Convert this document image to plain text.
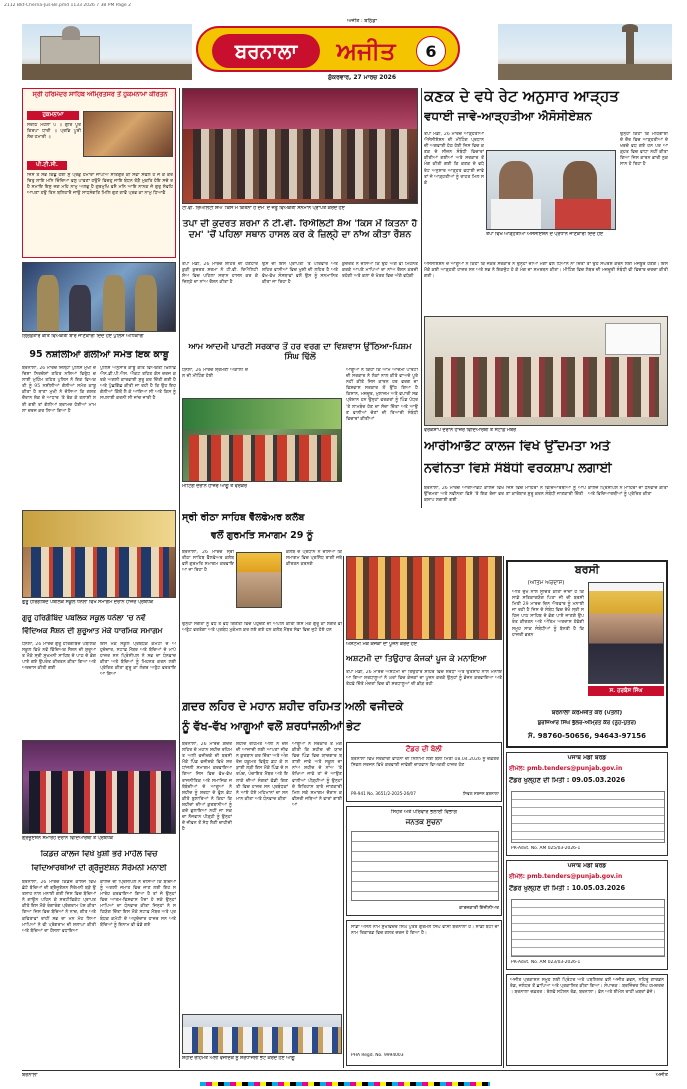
2112 Bkt-Cherna-Jus-Bil.pmd 1133 2026 7 38 PM Page 2
ਬਰਨਾਲਾ	ਅਜੀਤ	6
ਅਜੀਤ : ਬਠਿੰਡਾ
ਸ਼ੁੱਕਰਵਾਰ, 27 ਮਾਰਚ 2026
ਸ੍ਰੀ ਹਰਿਮੰਦਰ ਸਾਹਿਬ ਅੰਮ੍ਰਿਤਸਰ ਤੋਂ ਹੁਕਮਨਾਮਾ ਕੀਰਤਨ
ਹੁਕਮਨਾਮਾ
ਸੋਰਠਿ ਮਹਲਾ ੫ ॥ ਗੁਰਿ ਪੂਰੈ ਕਿਰਪਾ ਧਾਰੀ ॥ ਪ੍ਰਭਿ ਪੂਰੀ ਲੋਚ ਹਮਾਰੀ ॥
ਪੀ.ਟੀ.ਸੀ.
ਜਿਸ ਤੇ ਸਭ ਕਿਛੁ ਹੋਈ ਸੁ ਪ੍ਰਭੁ ਹਮਾਰਾ ਜਾਪੀਐ ਸਤਿਗੁਰ ਕੀ ਸੇਵਾ ਸਫਲ ਹੈ ਜੇ ਕੋ ਕਰੇ ਚਿਤੁ ਲਾਇ ਮਨਿ ਚਿੰਦਿਆ ਫਲੁ ਪਾਵਣਾ ਹਉਮੈ ਵਿਚਹੁ ਜਾਇ ਬੰਧਨ ਤੋੜੈ ਮੁਕਤਿ ਹੋਇ ਸਚੇ ਰਹੈ ਸਮਾਇ ਇਸੁ ਜਗ ਮਹਿ ਨਾਮੁ ਅਲਭੁ ਹੈ ਗੁਰਮੁਖਿ ਵਸੈ ਮਨਿ ਆਇ ਨਾਨਕ ਜੋ ਗੁਰੁ ਸੇਵਹਿ ਆਪਣਾ ਹਉ ਤਿਨ ਬਲਿਹਾਰੈ ਜਾਉ ਸਾਧਸੰਗਤਿ ਮਿਲਿ ਗੁਣ ਗਾਵੈ ਪ੍ਰਭ ਕਾ ਨਾਮੁ ਧਿਆਵੈ
ਟੀ.ਵੀ. ਰਿਐਲਿਟੀ ਸ਼ੋਅ 'ਕਿਸ ਮੇਂ ਕਿਤਨਾ ਹੈ ਦਮ' ਦੇ ਜੇਤੂ ਵਿਅਕਤੀ ਸਨਮਾਨ ਪ੍ਰਾਪਤ ਕਰਦੇ ਹੋਏ
ਤਪਾ ਦੀ ਕੁਦਰਤ ਸ਼ਰਮਾ ਨੇ ਟੀ.ਵੀ. ਰਿਐਲਿਟੀ ਸ਼ੋਅ 'ਕਿਸ ਮੇਂ ਕਿਤਨਾ ਹੈ ਦਮ' 'ਚੋਂ ਪਹਿਲਾ ਸਥਾਨ ਹਾਸਲ ਕਰ ਕੇ ਜ਼ਿਲ੍ਹੇ ਦਾ ਨਾਂਅ ਕੀਤਾ ਰੌਸ਼ਨ
ਕਣਕ ਦੇ ਵਧੇ ਰੇਟ ਅਨੁਸਾਰ ਆੜ੍ਹਤ
ਵਧਾਈ ਜਾਵੇ-ਆੜ੍ਹਤੀਆ ਐਸੋਸੀਏਸ਼ਨ
ਤਪਾ ਮੰਡੀ, 26 ਮਾਰਚ ਆੜ੍ਹਤੀਆ ਐਸੋਸੀਏਸ਼ਨ ਦੀ ਮੀਟਿੰਗ ਪ੍ਰਧਾਨ ਦੀ ਅਗਵਾਈ ਹੇਠ ਹੋਈ ਜਿਸ ਵਿਚ ਕਣਕ ਦੇ ਸੀਜ਼ਨ ਸੰਬੰਧੀ ਵਿਚਾਰਾਂ ਕੀਤੀਆਂ ਗਈਆਂ ਅਤੇ ਸਰਕਾਰ ਤੋਂ ਮੰਗ ਕੀਤੀ ਗਈ ਕਿ ਕਣਕ ਦੇ ਵਧੇ ਰੇਟ ਅਨੁਸਾਰ ਆੜ੍ਹਤ ਵਧਾਈ ਜਾਵੇ ਤਾਂ ਜੋ ਆੜ੍ਹਤੀਆਂ ਨੂੰ ਰਾਹਤ ਮਿਲ ਸਕੇ
ਤਪਾ ਵਿਖੇ ਆੜ੍ਹਤੀਆ ਐਸੋਸੀਏਸ਼ਨ ਦੇ ਪ੍ਰਧਾਨ ਜਾਣਕਾਰੀ ਦਿੰਦੇ ਹੋਏ
ਉਨ੍ਹਾਂ ਕਿਹਾ ਕਿ ਮਹਿੰਗਾਈ ਦੇ ਦੌਰ ਵਿਚ ਆੜ੍ਹਤੀਆਂ ਦੇ ਖਰਚੇ ਵਧ ਗਏ ਹਨ ਪਰ ਆੜ੍ਹਤ ਵਿਚ ਵਾਧਾ ਨਹੀਂ ਕੀਤਾ ਗਿਆ ਜਿਸ ਕਾਰਨ ਭਾਰੀ ਨੁਕਸਾਨ ਹੋ ਰਿਹਾ ਹੈ
ਗ੍ਰਿਫ਼ਤਾਰ ਕੀਤੇ ਵਿਅਕਤੀ ਬਾਰੇ ਜਾਣਕਾਰੀ ਦਿੰਦੇ ਹੋਏ ਪੁਲਿਸ ਅਧਿਕਾਰੀ
95 ਨਸ਼ੀਲੀਆਂ ਗੋਲੀਆਂ ਸਮੇਤ ਇਕ ਕਾਬੂ
ਬਰਨਾਲਾ, 26 ਮਾਰਚ ਜ਼ਿਲ੍ਹਾ ਪੁਲਿਸ ਮੁਖੀ ਦੇ ਦਿਸ਼ਾ ਨਿਰਦੇਸ਼ਾਂ ਤਹਿਤ ਨਸ਼ਿਆਂ ਵਿਰੁੱਧ ਚਲਾਈ ਮੁਹਿੰਮ ਤਹਿਤ ਪੁਲਿਸ ਨੇ ਇਕ ਵਿਅਕਤੀ ਨੂੰ 95 ਨਸ਼ੀਲੀਆਂ ਗੋਲੀਆਂ ਸਮੇਤ ਕਾਬੂ ਕੀਤਾ ਹੈ ਥਾਣਾ ਮੁਖੀ ਨੇ ਦੱਸਿਆ ਕਿ ਗਸ਼ਤ ਦੌਰਾਨ ਸ਼ੱਕ ਦੇ ਆਧਾਰ 'ਤੇ ਰੋਕ ਕੇ ਤਲਾਸ਼ੀ ਲਈ ਗਈ ਤਾਂ ਗੋਲੀਆਂ ਬਰਾਮਦ ਹੋਈਆਂ ਮਾਮਲਾ ਦਰਜ ਕਰ ਲਿਆ ਗਿਆ ਹੈ
ਪੁਲਿਸ ਅਨੁਸਾਰ ਕਾਬੂ ਕੀਤੇ ਵਿਅਕਤੀ ਖ਼ਿਲਾਫ਼ ਐਨ.ਡੀ.ਪੀ.ਐਸ. ਐਕਟ ਤਹਿਤ ਕੇਸ ਦਰਜ ਕਰਕੇ ਅਗਲੀ ਕਾਰਵਾਈ ਸ਼ੁਰੂ ਕਰ ਦਿੱਤੀ ਗਈ ਹੈ ਅਤੇ ਪੁੱਛਗਿੱਛ ਕੀਤੀ ਜਾ ਰਹੀ ਹੈ ਕਿ ਉਹ ਇਹ ਗੋਲੀਆਂ ਕਿੱਥੋਂ ਲੈ ਕੇ ਆਇਆ ਸੀ ਅਤੇ ਕਿਸ ਨੂੰ ਸਪਲਾਈ ਕਰਨੀ ਸੀ ਜਾਂਚ ਜਾਰੀ ਹੈ
ਤਪਾ ਮੰਡੀ, 26 ਮਾਰਚ ਸ਼ਹਿਰ ਦੀ ਹੋਣਹਾਰ ਕੁੜੀ ਕੁਦਰਤ ਸ਼ਰਮਾ ਨੇ ਟੀ.ਵੀ. ਰਿਐਲਿਟੀ ਸ਼ੋਅ ਵਿਚ ਪਹਿਲਾ ਸਥਾਨ ਹਾਸਲ ਕਰ ਕੇ ਜ਼ਿਲ੍ਹੇ ਦਾ ਨਾਂਅ ਰੌਸ਼ਨ ਕੀਤਾ ਹੈ
ਉਸ ਦੀ ਇਸ ਪ੍ਰਾਪਤੀ 'ਤੇ ਪਰਿਵਾਰ ਅਤੇ ਸ਼ਹਿਰ ਵਾਸੀਆਂ ਵਿਚ ਖੁਸ਼ੀ ਦੀ ਲਹਿਰ ਹੈ ਅਤੇ ਵੱਖ-ਵੱਖ ਸੰਸਥਾਵਾਂ ਵਲੋਂ ਉਸ ਨੂੰ ਸਨਮਾਨਿਤ ਕੀਤਾ ਜਾ ਰਿਹਾ ਹੈ
ਕੁਦਰਤ ਨੇ ਦੱਸਿਆ ਕਿ ਉਹ ਅੱਗੇ ਵੀ ਮਿਹਨਤ ਕਰਕੇ ਆਪਣੇ ਮਾਪਿਆਂ ਦਾ ਨਾਂਅ ਰੌਸ਼ਨ ਕਰਦੀ ਰਹੇਗੀ ਅਤੇ ਕਲਾ ਦੇ ਖੇਤਰ ਵਿਚ ਅੱਗੇ ਵਧੇਗੀ
ਐਸੋਸੀਏਸ਼ਨ ਦੇ ਆਗੂਆਂ ਨੇ ਕਿਹਾ ਕਿ ਜੇਕਰ ਸਰਕਾਰ ਨੇ ਉਨ੍ਹਾਂ ਦੀਆਂ ਮੰਗਾਂ ਵੱਲ ਧਿਆਨ ਨਾ ਦਿੱਤਾ ਤਾਂ ਉਹ ਸੰਘਰਸ਼ ਕਰਨ ਲਈ ਮਜਬੂਰ ਹੋਣਗੇ। ਇਸ ਮੌਕੇ ਕਈ ਆੜ੍ਹਤੀ ਹਾਜ਼ਰ ਸਨ ਅਤੇ ਸਭ ਨੇ ਇਕਜੁੱਟ ਹੋ ਕੇ ਮੰਗ ਦਾ ਸਮਰਥਨ ਕੀਤਾ। ਮੀਟਿੰਗ ਵਿਚ ਲੇਬਰ ਦੀ ਮਜ਼ਦੂਰੀ ਸੰਬੰਧੀ ਵੀ ਵਿਚਾਰ ਚਰਚਾ ਕੀਤੀ ਗਈ।
ਆਮ ਆਦਮੀ ਪਾਰਟੀ ਸਰਕਾਰ ਤੋਂ ਹਰ ਵਰਗ ਦਾ ਵਿਸ਼ਵਾਸ ਉੱਠਿਆ-ਪਿਸ਼ਮ ਸਿੰਘ ਢਿੱਲੋਂ
ਧਨੌਲਾ, 26 ਮਾਰਚ ਸ਼੍ਰੋਮਣੀ ਅਕਾਲੀ ਦਲ ਦੀ ਮੀਟਿੰਗ ਹੋਈ
ਮੀਟਿੰਗ ਦੌਰਾਨ ਹਾਜ਼ਰ ਆਗੂ ਤੇ ਵਰਕਰ
ਆਗੂਆਂ ਨੇ ਕਿਹਾ ਕਿ ਆਮ ਆਦਮੀ ਪਾਰਟੀ ਦੀ ਸਰਕਾਰ ਨੇ ਲੋਕਾਂ ਨਾਲ ਕੀਤੇ ਵਾਅਦੇ ਪੂਰੇ ਨਹੀਂ ਕੀਤੇ ਜਿਸ ਕਾਰਨ ਹਰ ਵਰਗ ਦਾ ਵਿਸ਼ਵਾਸ ਸਰਕਾਰ ਤੋਂ ਉੱਠ ਗਿਆ ਹੈ ਕਿਸਾਨ, ਮਜ਼ਦੂਰ, ਮੁਲਾਜ਼ਮ ਅਤੇ ਵਪਾਰੀ ਸਭ ਪ੍ਰੇਸ਼ਾਨ ਹਨ ਉਨ੍ਹਾਂ ਵਰਕਰਾਂ ਨੂੰ ਪਿੰਡ ਪੱਧਰ 'ਤੇ ਲਾਮਬੰਦ ਹੋਣ ਦਾ ਸੱਦਾ ਦਿੱਤਾ ਅਤੇ ਆਉਣ ਵਾਲੀਆਂ ਚੋਣਾਂ ਦੀ ਤਿਆਰੀ ਸੰਬੰਧੀ ਵਿਚਾਰਾਂ ਕੀਤੀਆਂ
ਵਰਕਸ਼ਾਪ ਦੌਰਾਨ ਹਾਜ਼ਰ ਵਿਦਿਆਰਥੀ ਤੇ ਸਟਾਫ਼ ਮੈਂਬਰ
ਆਰੀਆਭੱਟ ਕਾਲਜ ਵਿਖੇ ਉੱਦਮਤਾ ਅਤੇ
ਨਵੀਨਤਾ ਵਿਸ਼ੇ ਸੰਬੰਧੀ ਵਰਕਸ਼ਾਪ ਲਗਾਈ
ਬਰਨਾਲਾ, 26 ਮਾਰਚ ਆਰੀਆਭੱਟ ਕਾਲਜ ਵਿਖੇ ਉੱਦਮਤਾ ਅਤੇ ਨਵੀਨਤਾ ਵਿਸ਼ੇ 'ਤੇ ਇਕ ਰੋਜ਼ਾ ਵਰਕਸ਼ਾਪ ਲਗਾਈ ਗਈ
ਜਿਸ ਵਿਚ ਮਾਹਿਰਾਂ ਨੇ ਵਿਦਿਆਰਥੀਆਂ ਨੂੰ ਆਪਣਾ ਕਾਰੋਬਾਰ ਸ਼ੁਰੂ ਕਰਨ ਸੰਬੰਧੀ ਜਾਣਕਾਰੀ ਦਿੱਤੀ
ਕਾਲਜ ਪ੍ਰਿੰਸੀਪਲ ਨੇ ਮਾਹਿਰਾਂ ਦਾ ਧੰਨਵਾਦ ਕੀਤਾ ਅਤੇ ਵਿਦਿਆਰਥੀਆਂ ਨੂੰ ਪ੍ਰੇਰਿਤ ਕੀਤਾ
ਗੁਰੂ ਹਰਿਗੋਬਿੰਦ ਪਬਲਿਕ ਸਕੂਲ ਧਨੌਲਾ ਵਿਖੇ ਸਮਾਗਮ ਦੌਰਾਨ ਹਾਜ਼ਰ ਪ੍ਰਬੰਧਕ
ਗੁਰੂ ਹਰਿਗੋਬਿੰਦ ਪਬਲਿਕ ਸਕੂਲ ਧਨੌਲਾ 'ਚ ਨਵੇਂ
ਵਿੱਦਿਅਕ ਸੈਸ਼ਨ ਦੀ ਸ਼ੁਰੂਆਤ ਮੌਕੇ ਧਾਰਮਿਕ ਸਮਾਗਮ
ਧਨੌਲਾ, 26 ਮਾਰਚ ਗੁਰੂ ਹਰਿਗੋਬਿੰਦ ਪਬਲਿਕ ਸਕੂਲ ਵਿਖੇ ਨਵੇਂ ਵਿੱਦਿਅਕ ਸੈਸ਼ਨ ਦੀ ਸ਼ੁਰੂਆਤ ਮੌਕੇ ਸ੍ਰੀ ਸੁਖਮਨੀ ਸਾਹਿਬ ਦੇ ਪਾਠ ਦੇ ਭੋਗ ਪਾਏ ਗਏ ਉਪਰੰਤ ਕੀਰਤਨ ਕੀਤਾ ਗਿਆ ਅਤੇ ਅਰਦਾਸ ਕੀਤੀ ਗਈ
ਇਸ ਮੌਕੇ ਸਕੂਲ ਪ੍ਰਬੰਧਕ ਕਮੇਟੀ ਦੇ ਅਹੁਦੇਦਾਰ, ਸਟਾਫ਼ ਮੈਂਬਰ ਅਤੇ ਬੱਚਿਆਂ ਦੇ ਮਾਪੇ ਹਾਜ਼ਰ ਸਨ ਪ੍ਰਿੰਸੀਪਲ ਨੇ ਸਭ ਦਾ ਧੰਨਵਾਦ ਕੀਤਾ ਅਤੇ ਬੱਚਿਆਂ ਨੂੰ ਮਿਹਨਤ ਕਰਨ ਲਈ ਪ੍ਰੇਰਿਤ ਕੀਤਾ ਗੁਰੂ ਕਾ ਲੰਗਰ ਅਤੁੱਟ ਵਰਤਾਇਆ ਗਿਆ
ਸ੍ਰੀ ਰੀਠਾ ਸਾਹਿਬ ਵੈੱਲਫੇਅਰ ਕਲੱਬ
ਵਲੋਂ ਗੁਰਮਤਿ ਸਮਾਗਮ 29 ਨੂੰ
ਬਰਨਾਲਾ, 26 ਮਾਰਚ ਸ੍ਰੀ ਰੀਠਾ ਸਾਹਿਬ ਵੈੱਲਫੇਅਰ ਕਲੱਬ ਵਲੋਂ ਗੁਰਮਤਿ ਸਮਾਗਮ ਕਰਵਾਇਆ ਜਾ ਰਿਹਾ ਹੈ
ਕਲੱਬ ਦੇ ਪ੍ਰਧਾਨ ਨੇ ਦੱਸਿਆ ਕਿ ਸਮਾਗਮ ਵਿਚ ਪ੍ਰਸਿੱਧ ਰਾਗੀ ਜਥੇ ਕੀਰਤਨ ਕਰਨਗੇ
ਉਨ੍ਹਾਂ ਸੰਗਤਾਂ ਨੂੰ ਵੱਧ ਤੋਂ ਵੱਧ ਗਿਣਤੀ ਵਿਚ ਪਹੁੰਚਣ ਦੀ ਅਪੀਲ ਕੀਤੀ ਇਸ ਮੌਕੇ ਗੁਰੂ ਕਾ ਲੰਗਰ ਵੀ ਅਤੁੱਟ ਵਰਤੇਗਾ ਅਤੇ ਪ੍ਰਬੰਧ ਮੁਕੰਮਲ ਕਰ ਲਏ ਗਏ ਹਨ ਕਲੱਬ ਮੈਂਬਰ ਸੇਵਾ ਵਿਚ ਜੁਟੇ ਹੋਏ ਹਨ
ਅਸ਼ਟਮੀ ਮੌਕੇ ਕੰਜਕਾਂ ਦਾ ਪੂਜਨ ਕਰਦੇ ਹੋਏ
ਅਸ਼ਟਮੀ ਦਾ ਤਿਉਹਾਰ ਕੰਜਕਾਂ ਪੂਜ ਕੇ ਮਨਾਇਆ
ਤਪਾ ਮੰਡੀ, 26 ਮਾਰਚ ਅਸ਼ਟਮੀ ਦਾ ਤਿਉਹਾਰ ਸ਼ਹਿਰ ਵਿਚ ਸ਼ਰਧਾ ਅਤੇ ਉਤਸ਼ਾਹ ਨਾਲ ਮਨਾਇਆ ਗਿਆ ਸ਼ਰਧਾਲੂਆਂ ਨੇ ਘਰਾਂ ਵਿਚ ਕੰਜਕਾਂ ਦਾ ਪੂਜਨ ਕਰਕੇ ਉਨ੍ਹਾਂ ਨੂੰ ਭੋਜਨ ਕਰਵਾਇਆ ਅਤੇ ਤੋਹਫ਼ੇ ਦਿੱਤੇ ਮੰਦਰਾਂ ਵਿਚ ਵੀ ਸ਼ਰਧਾਲੂਆਂ ਦੀ ਭੀੜ ਰਹੀ
ਬਰਸੀ
(ਅੰਤਿਮ ਅਰਦਾਸ)
ਅਤਿ ਦੁੱਖ ਨਾਲ ਸੂਚਿਤ ਕੀਤਾ ਜਾਂਦਾ ਹੈ ਕਿ ਸਾਡੇ ਸਤਿਕਾਰਯੋਗ ਪਿਤਾ ਜੀ ਦੀ ਬਰਸੀ ਮਿਤੀ 29 ਮਾਰਚ ਦਿਨ ਐਤਵਾਰ ਨੂੰ ਮਨਾਈ ਜਾ ਰਹੀ ਹੈ ਜਿਸ ਦੇ ਸੰਬੰਧ ਵਿਚ ਰੱਖੇ ਸ੍ਰੀ ਸਹਿਜ ਪਾਠ ਸਾਹਿਬ ਦੇ ਭੋਗ ਪਾਏ ਜਾਣਗੇ ਉਪਰੰਤ ਕੀਰਤਨ ਅਤੇ ਅੰਤਿਮ ਅਰਦਾਸ ਹੋਵੇਗੀ ਸਮੂਹ ਸਾਕ ਸੰਬੰਧੀਆਂ ਨੂੰ ਬੇਨਤੀ ਹੈ ਕਿ ਹਾਜ਼ਰੀ ਭਰਨ
ਸ. ਹਰਬੰਸ ਸਿੰਘ
ਬਰਨਾਲਾ ਕਰਮਜੀਤ ਕੌਰ (ਪਤਨੀ)
ਬੁਰਜਿਆਰ ਸਿੰਘ ਭੁੱਲਰ-ਅੰਮ੍ਰਿਤ ਕੌਰ (ਨੂੰਹ-ਪੁੱਤਰ)
ਸੰ. 98760-50656, 94643-97156
ਗ਼ਦਰ ਲਹਿਰ ਦੇ ਮਹਾਨ ਸ਼ਹੀਦ ਰਹਿਮਤ ਅਲੀ ਵਜੀਦਕੇ
ਨੂੰ ਵੱਖ-ਵੱਖ ਆਗੂਆਂ ਵਲੋਂ ਸ਼ਰਧਾਂਜਲੀਆਂ ਭੇਟ
ਬਰਨਾਲਾ, 26 ਮਾਰਚ ਗ਼ਦਰ ਲਹਿਰ ਦੇ ਮਹਾਨ ਸ਼ਹੀਦ ਰਹਿਮਤ ਅਲੀ ਵਜੀਦਕੇ ਦੀ ਬਰਸੀ ਮੌਕੇ ਪਿੰਡ ਵਜੀਦਕੇ ਵਿਖੇ ਸ਼ਰਧਾਂਜਲੀ ਸਮਾਗਮ ਕਰਵਾਇਆ ਗਿਆ ਜਿਸ ਵਿਚ ਵੱਖ-ਵੱਖ ਰਾਜਨੀਤਿਕ ਅਤੇ ਸਮਾਜਿਕ ਜਥੇਬੰਦੀਆਂ ਦੇ ਆਗੂਆਂ ਨੇ ਸ਼ਹੀਦ ਨੂੰ ਸ਼ਰਧਾ ਦੇ ਫੁੱਲ ਭੇਟ ਕੀਤੇ ਬੁਲਾਰਿਆਂ ਨੇ ਕਿਹਾ ਕਿ ਸ਼ਹੀਦਾਂ ਦੀਆਂ ਕੁਰਬਾਨੀਆਂ ਨੂੰ ਕਦੇ ਭੁਲਾਇਆ ਨਹੀਂ ਜਾ ਸਕਦਾ ਨੌਜਵਾਨ ਪੀੜ੍ਹੀ ਨੂੰ ਉਨ੍ਹਾਂ ਦੇ ਜੀਵਨ ਤੋਂ ਸੇਧ ਲੈਣੀ ਚਾਹੀਦੀ ਹੈ
ਸ਼ਹੀਦ ਰਹਿਮਤ ਅਲੀ ਨੇ ਦੇਸ਼ ਦੀ ਆਜ਼ਾਦੀ ਲਈ ਆਪਣਾ ਜੀਵਨ ਕੁਰਬਾਨ ਕਰ ਦਿੱਤਾ ਅਤੇ ਅੰਗਰੇਜ਼ ਹਕੂਮਤ ਵਿਰੁੱਧ ਡਟ ਕੇ ਲੜਾਈ ਲੜੀ ਇਸ ਮੌਕੇ ਪਿੰਡ ਦੇ ਸਰਪੰਚ, ਪੰਚਾਇਤ ਮੈਂਬਰ ਅਤੇ ਇਲਾਕੇ ਦੀਆਂ ਸੰਗਤਾਂ ਵੱਡੀ ਗਿਣਤੀ ਵਿਚ ਹਾਜ਼ਰ ਸਨ ਪ੍ਰਬੰਧਕਾਂ ਨੇ ਆਏ ਹੋਏ ਮਹਿਮਾਨਾਂ ਦਾ ਸਨਮਾਨ ਕੀਤਾ ਅਤੇ ਧੰਨਵਾਦ ਕੀਤਾ
ਆਗੂਆਂ ਨੇ ਸਰਕਾਰ ਤੋਂ ਮੰਗ ਕੀਤੀ ਕਿ ਸ਼ਹੀਦ ਦੀ ਯਾਦ ਵਿਚ ਪਿੰਡ ਵਿਚ ਯਾਦਗਾਰ ਬਣਾਈ ਜਾਵੇ ਅਤੇ ਸਕੂਲ ਦਾ ਨਾਂਅ ਸ਼ਹੀਦ ਦੇ ਨਾਂਅ 'ਤੇ ਰੱਖਿਆ ਜਾਵੇ ਤਾਂ ਜੋ ਆਉਣ ਵਾਲੀਆਂ ਪੀੜ੍ਹੀਆਂ ਨੂੰ ਉਨ੍ਹਾਂ ਦੇ ਇਤਿਹਾਸ ਬਾਰੇ ਜਾਣਕਾਰੀ ਮਿਲ ਸਕੇ ਸਮਾਗਮ ਦੌਰਾਨ ਕਵੀਸ਼ਰੀ ਜਥਿਆਂ ਨੇ ਵਾਰਾਂ ਗਾਈਆਂ
ਟੈਂਡਰ ਦੀ ਬੋਲੀ
ਬਰਨਾਲਾ ਵਿਖੇ ਸਰਕਾਰੀ ਵਾਹਨਾਂ ਦੀ ਨਿਲਾਮੀ ਲਈ ਬੋਲੀ ਮਿਤੀ 08.04.2026 ਨੂੰ ਦਫ਼ਤਰ ਸਿਵਲ ਸਰਜਨ ਵਿਖੇ ਕਰਵਾਈ ਜਾਵੇਗੀ ਚਾਹਵਾਨ ਵਿਅਕਤੀ ਹਾਜ਼ਰ ਹੋਣ
PR-941 No. 3651/2-2025-26/07	ਸਿਵਲ ਸਰਜਨ ਬਰਨਾਲਾ
ਸਿਹਤ ਅਤੇ ਪਰਿਵਾਰ ਭਲਾਈ ਵਿਭਾਗ
ਜਨਤਕ ਸੂਚਨਾ
ਕਾਰਜਕਾਰੀ ਇੰਜੀਨੀਅਰ
ਸ਼ਹੀਦ ਰਹਿਮਤ ਅਲੀ ਵਜੀਦਕੇ ਨੂੰ ਸ਼ਰਧਾਂਜਲੀ ਭੇਟ ਕਰਦੇ ਹੋਏ ਆਗੂ
ਸਾਡਾ ਅਸਲ ਨਾਮ ਸੁਖਵਿੰਦਰ ਸਿੰਘ ਪੁੱਤਰ ਗੁਰਮੇਲ ਸਿੰਘ ਵਾਸੀ ਬਰਨਾਲਾ ਹੈ। ਸਾਡੀ ਬੇਟੀ ਦਾ ਨਾਮ ਰਿਕਾਰਡ ਵਿਚ ਗਲਤ ਦਰਜ ਹੋ ਗਿਆ ਹੈ।
PHA Regd. No. 9994003
ਪੰਜਾਬ ਮੰਡੀ ਬੋਰਡ
ਈਮੇਲ: pmb.tenders@punjab.gov.in
ਟੈਂਡਰ ਖੁਲ੍ਹਣ ਦੀ ਮਿਤੀ : 09.05.03.2026
PR-Advt. No. AM 025/03-2026-1
ਪੰਜਾਬ ਮੰਡੀ ਬੋਰਡ
ਈਮੇਲ: pmb.tenders@punjab.gov.in
ਟੈਂਡਰ ਖੁਲ੍ਹਣ ਦੀ ਮਿਤੀ : 10.05.03.2026
PR-Advt. No. AM 023/03-2026-1
ਅਜੀਤ ਪ੍ਰਕਾਸ਼ਨ ਸਮੂਹ ਲਈ ਪ੍ਰਿੰਟਰ ਅਤੇ ਪਬਲਿਸ਼ਰ ਵਲੋਂ ਅਜੀਤ ਭਵਨ, ਨਹਿਰੂ ਗਾਰਡਨ ਰੋਡ, ਜਲੰਧਰ ਤੋਂ ਛਾਪਿਆ ਅਤੇ ਪ੍ਰਕਾਸ਼ਿਤ ਕੀਤਾ ਗਿਆ। ਸੰਪਾਦਕ : ਬਰਜਿੰਦਰ ਸਿੰਘ ਹਮਦਰਦ। ਬਰਨਾਲਾ ਦਫ਼ਤਰ : ਰੇਲਵੇ ਸਟੇਸ਼ਨ ਰੋਡ, ਬਰਨਾਲਾ। ਫ਼ੋਨ ਅਤੇ ਈਮੇਲ ਰਾਹੀਂ ਖ਼ਬਰਾਂ ਭੇਜੋ।
ਗ੍ਰੈਜੂਏਸ਼ਨ ਸਮਾਰੋਹ ਦੌਰਾਨ ਵਿਦਿਆਰਥੀ ਤੇ ਪ੍ਰਬੰਧਕ
ਕਿਡਜ਼ ਕਾਲਜ ਵਿਖੇ ਖੁਸ਼ੀ ਭਰੇ ਮਾਹੌਲ ਵਿਚ
ਵਿਦਿਆਰਥੀਆਂ ਦੀ ਗ੍ਰੈਜੂਏਸ਼ਨ ਸੈਰੇਮਨੀ ਮਨਾਈ
ਬਰਨਾਲਾ, 26 ਮਾਰਚ ਕਿਡਜ਼ ਕਾਲਜ ਵਿਖੇ ਛੋਟੇ ਬੱਚਿਆਂ ਦੀ ਗ੍ਰੈਜੂਏਸ਼ਨ ਸੈਰੇਮਨੀ ਬੜੇ ਉਤਸ਼ਾਹ ਨਾਲ ਮਨਾਈ ਗਈ ਜਿਸ ਵਿਚ ਬੱਚਿਆਂ ਨੇ ਗਾਊਨ ਪਹਿਨ ਕੇ ਸਰਟੀਫਿਕੇਟ ਪ੍ਰਾਪਤ ਕੀਤੇ ਇਸ ਮੌਕੇ ਰੰਗਾਰੰਗ ਪ੍ਰੋਗਰਾਮ ਪੇਸ਼ ਕੀਤਾ ਗਿਆ ਜਿਸ ਵਿਚ ਬੱਚਿਆਂ ਨੇ ਨਾਚ, ਗੀਤ ਅਤੇ ਕਵਿਤਾਵਾਂ ਰਾਹੀਂ ਸਭ ਦਾ ਮਨ ਮੋਹ ਲਿਆ ਮਾਪਿਆਂ ਨੇ ਵੀ ਪ੍ਰੋਗਰਾਮ ਦੀ ਸ਼ਲਾਘਾ ਕੀਤੀ ਅਤੇ ਬੱਚਿਆਂ ਦਾ ਹੌਸਲਾ ਵਧਾਇਆ
ਕਾਲਜ ਦੀ ਪ੍ਰਿੰਸੀਪਲ ਨੇ ਦੱਸਿਆ ਕਿ ਬੱਚਿਆਂ ਨੂੰ ਅਗਲੀ ਜਮਾਤ ਵਿਚ ਜਾਣ ਲਈ ਇਹ ਸਮਾਰੋਹ ਕਰਵਾਇਆ ਗਿਆ ਹੈ ਤਾਂ ਜੋ ਉਨ੍ਹਾਂ ਵਿਚ ਆਤਮ-ਵਿਸ਼ਵਾਸ ਪੈਦਾ ਹੋ ਸਕੇ ਉਨ੍ਹਾਂ ਮਾਪਿਆਂ ਦਾ ਧੰਨਵਾਦ ਕੀਤਾ ਜਿਨ੍ਹਾਂ ਨੇ ਸਹਿਯੋਗ ਦਿੱਤਾ ਇਸ ਮੌਕੇ ਸਟਾਫ਼ ਮੈਂਬਰ ਅਤੇ ਪ੍ਰਬੰਧਕ ਕਮੇਟੀ ਦੇ ਅਹੁਦੇਦਾਰ ਹਾਜ਼ਰ ਸਨ ਅਤੇ ਬੱਚਿਆਂ ਨੂੰ ਇਨਾਮ ਵੀ ਵੰਡੇ ਗਏ
ਬਰਨਾਲਾ	ਅਜੀਤ
